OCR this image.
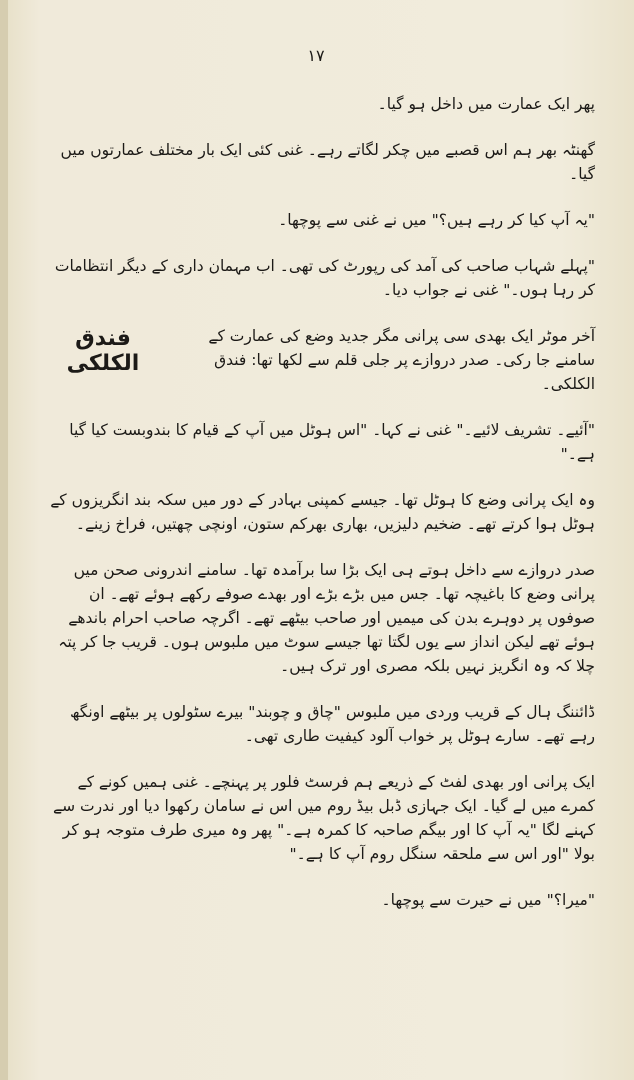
۱۷
فندق الکلکی

پھر ایک عمارت میں داخل ہو گیا۔

گھنٹہ بھر ہم اس قصبے میں چکر لگاتے رہے۔ غنی کئی ایک بار مختلف عمارتوں میں گیا۔

"یہ آپ کیا کر رہے ہیں؟" میں نے غنی سے پوچھا۔

"پہلے شہاب صاحب کی آمد کی رپورٹ کی تھی۔ اب مہمان داری کے دیگر انتظامات کر رہا ہوں۔" غنی نے جواب دیا۔

آخر موٹر ایک بھدی سی پرانی مگر جدید وضع کی عمارت کے سامنے جا رکی۔ صدر دروازے پر جلی قلم سے لکھا تھا: فندق الکلکی۔

"آئیے۔ تشریف لائیے۔" غنی نے کہا۔ "اس ہوٹل میں آپ کے قیام کا بندوبست کیا گیا ہے۔"

وہ ایک پرانی وضع کا ہوٹل تھا۔ جیسے کمپنی بہادر کے دور میں سکہ بند انگریزوں کے ہوٹل ہوا کرتے تھے۔ ضخیم دلیزیں، بھاری بھرکم ستون، اونچی چھتیں، فراخ زینے۔

صدر دروازے سے داخل ہوتے ہی ایک بڑا سا برآمدہ تھا۔ سامنے اندرونی صحن میں پرانی وضع کا باغیچہ تھا۔ جس میں بڑے بڑے اور بھدے صوفے رکھے ہوئے تھے۔ ان صوفوں پر دوہرے بدن کی میمیں اور صاحب بیٹھے تھے۔ اگرچہ صاحب احرام باندھے ہوئے تھے لیکن انداز سے یوں لگتا تھا جیسے سوٹ میں ملبوس ہوں۔ قریب جا کر پتہ چلا کہ وہ انگریز نہیں بلکہ مصری اور ترک ہیں۔

ڈائننگ ہال کے قریب وردی میں ملبوس "چاق و چوبند" بیرے سٹولوں پر بیٹھے اونگھ رہے تھے۔ سارے ہوٹل پر خواب آلود کیفیت طاری تھی۔

ایک پرانی اور بھدی لفٹ کے ذریعے ہم فرسٹ فلور پر پہنچے۔ غنی ہمیں کونے کے کمرے میں لے گیا۔ ایک جہازی ڈبل بیڈ روم میں اس نے سامان رکھوا دیا اور ندرت سے کہنے لگا "یہ آپ کا اور بیگم صاحبہ کا کمرہ ہے۔" پھر وہ میری طرف متوجہ ہو کر بولا "اور اس سے ملحقہ سنگل روم آپ کا ہے۔"

"میرا؟" میں نے حیرت سے پوچھا۔
